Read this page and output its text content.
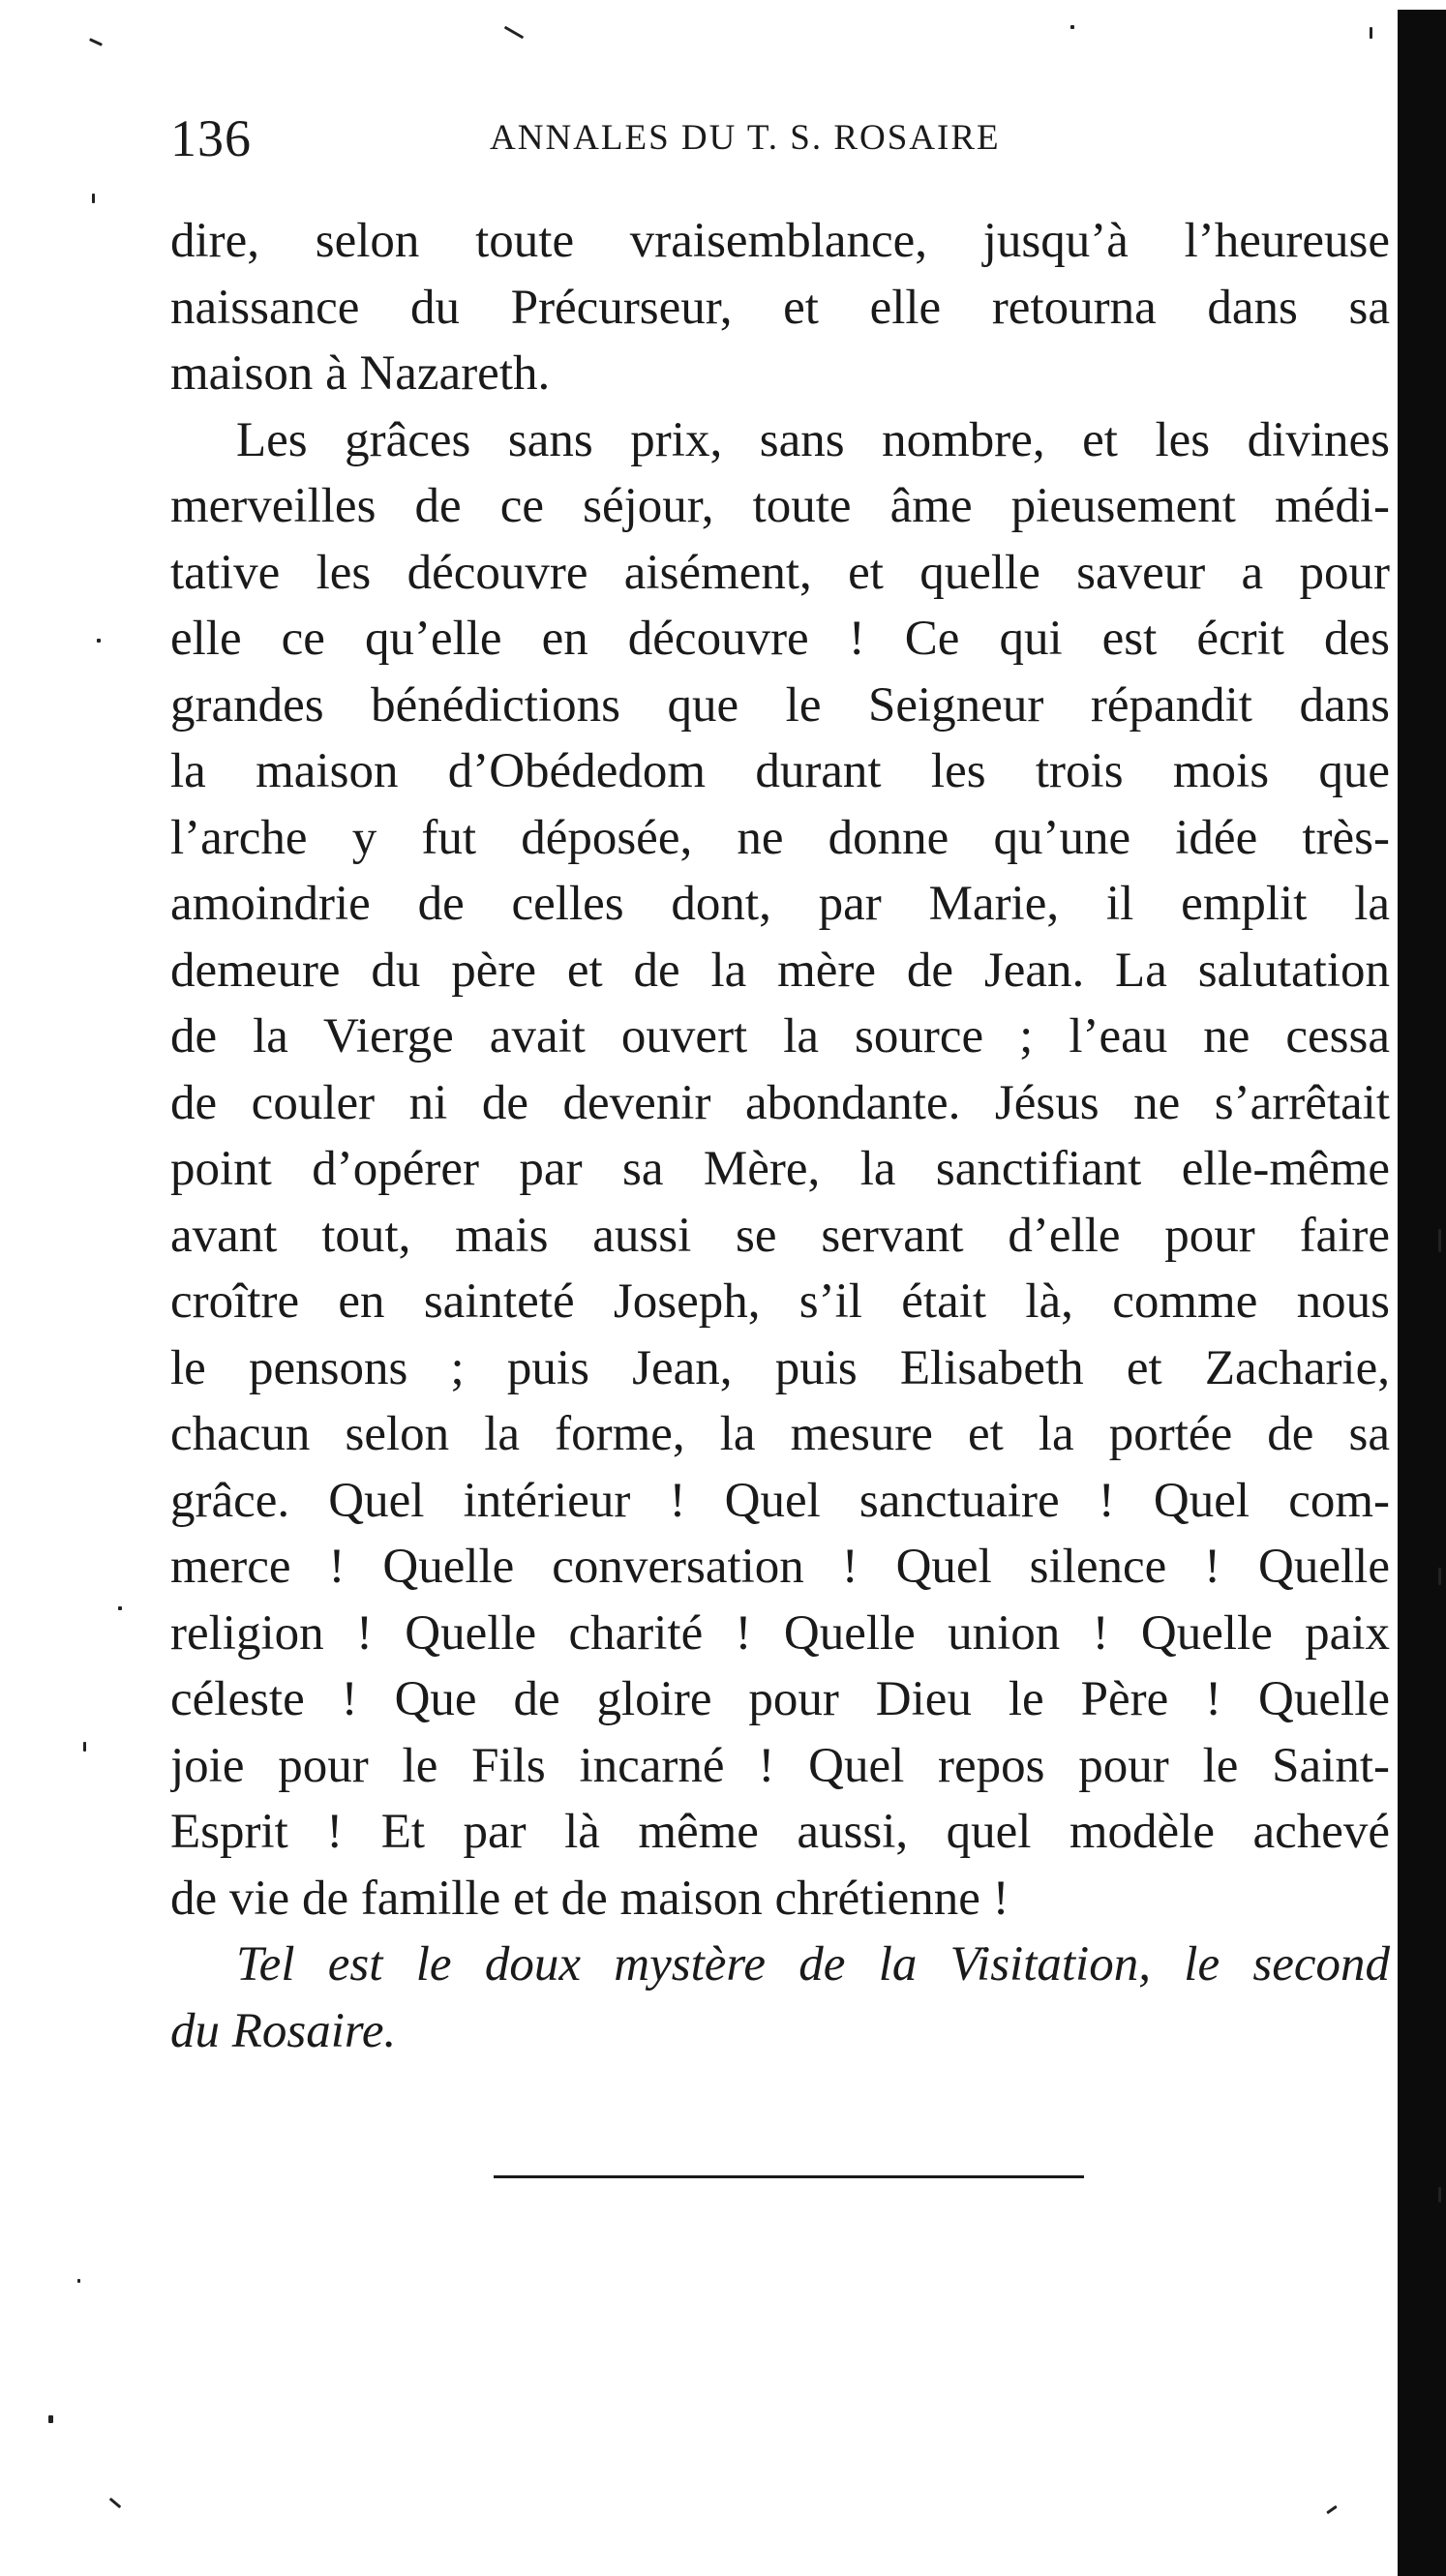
136	ANNALES DU T. S. ROSAIRE
dire, selon toute vraisemblance, jusqu’à l’heureuse
naissance du Précurseur, et elle retourna dans sa
maison à Nazareth.
Les grâces sans prix, sans nombre, et les divines
merveilles de ce séjour, toute âme pieusement médi-
tative les découvre aisément, et quelle saveur a pour
elle ce qu’elle en découvre ! Ce qui est écrit des
grandes bénédictions que le Seigneur répandit dans
la maison d’Obédedom durant les trois mois que
l’arche y fut déposée, ne donne qu’une idée très-
amoindrie de celles dont, par Marie, il emplit la
demeure du père et de la mère de Jean. La salutation
de la Vierge avait ouvert la source ; l’eau ne cessa
de couler ni de devenir abondante. Jésus ne s’arrêtait
point d’opérer par sa Mère, la sanctifiant elle-même
avant tout, mais aussi se servant d’elle pour faire
croître en sainteté Joseph, s’il était là, comme nous
le pensons ; puis Jean, puis Elisabeth et Zacharie,
chacun selon la forme, la mesure et la portée de sa
grâce. Quel intérieur ! Quel sanctuaire ! Quel com-
merce ! Quelle conversation ! Quel silence ! Quelle
religion ! Quelle charité ! Quelle union ! Quelle paix
céleste ! Que de gloire pour Dieu le Père ! Quelle
joie pour le Fils incarné ! Quel repos pour le Saint-
Esprit ! Et par là même aussi, quel modèle achevé
de vie de famille et de maison chrétienne !
Tel est le doux mystère de la Visitation, le second
du Rosaire.
